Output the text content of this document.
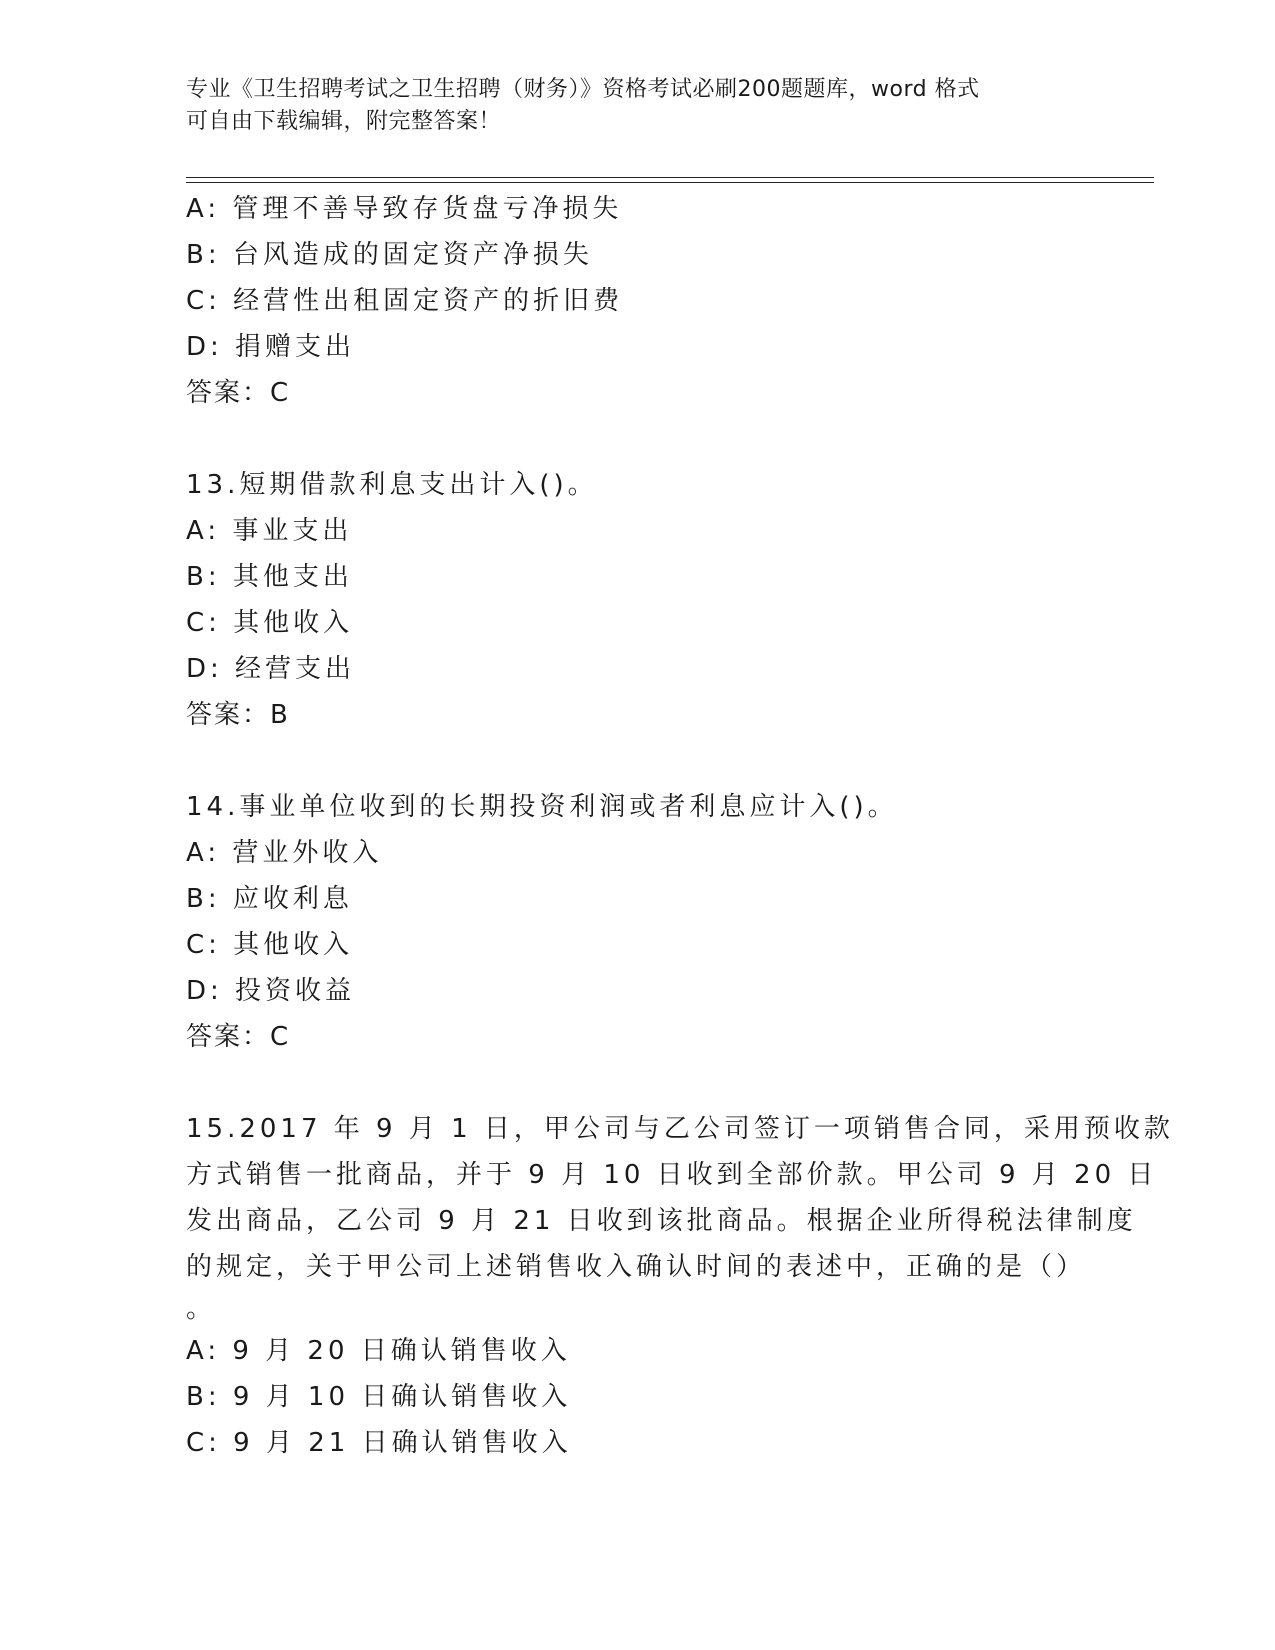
专业《卫生招聘考试之卫生招聘（财务）》资格考试必刷200题题库，word 格式
可自由下载编辑，附完整答案！
A: 管理不善导致存货盘亏净损失
B: 台风造成的固定资产净损失
C: 经营性出租固定资产的折旧费
D: 捐赠支出
答案：C
13.短期借款利息支出计入()。
A: 事业支出
B: 其他支出
C: 其他收入
D: 经营支出
答案：B
14.事业单位收到的长期投资利润或者利息应计入()。
A: 营业外收入
B: 应收利息
C: 其他收入
D: 投资收益
答案：C
15.2017 年 9 月 1 日，甲公司与乙公司签订一项销售合同，采用预收款
方式销售一批商品，并于 9 月 10 日收到全部价款。甲公司 9 月 20 日
发出商品，乙公司 9 月 21 日收到该批商品。根据企业所得税法律制度
的规定，关于甲公司上述销售收入确认时间的表述中，正确的是（）
。
A: 9 月 20 日确认销售收入
B: 9 月 10 日确认销售收入
C: 9 月 21 日确认销售收入
